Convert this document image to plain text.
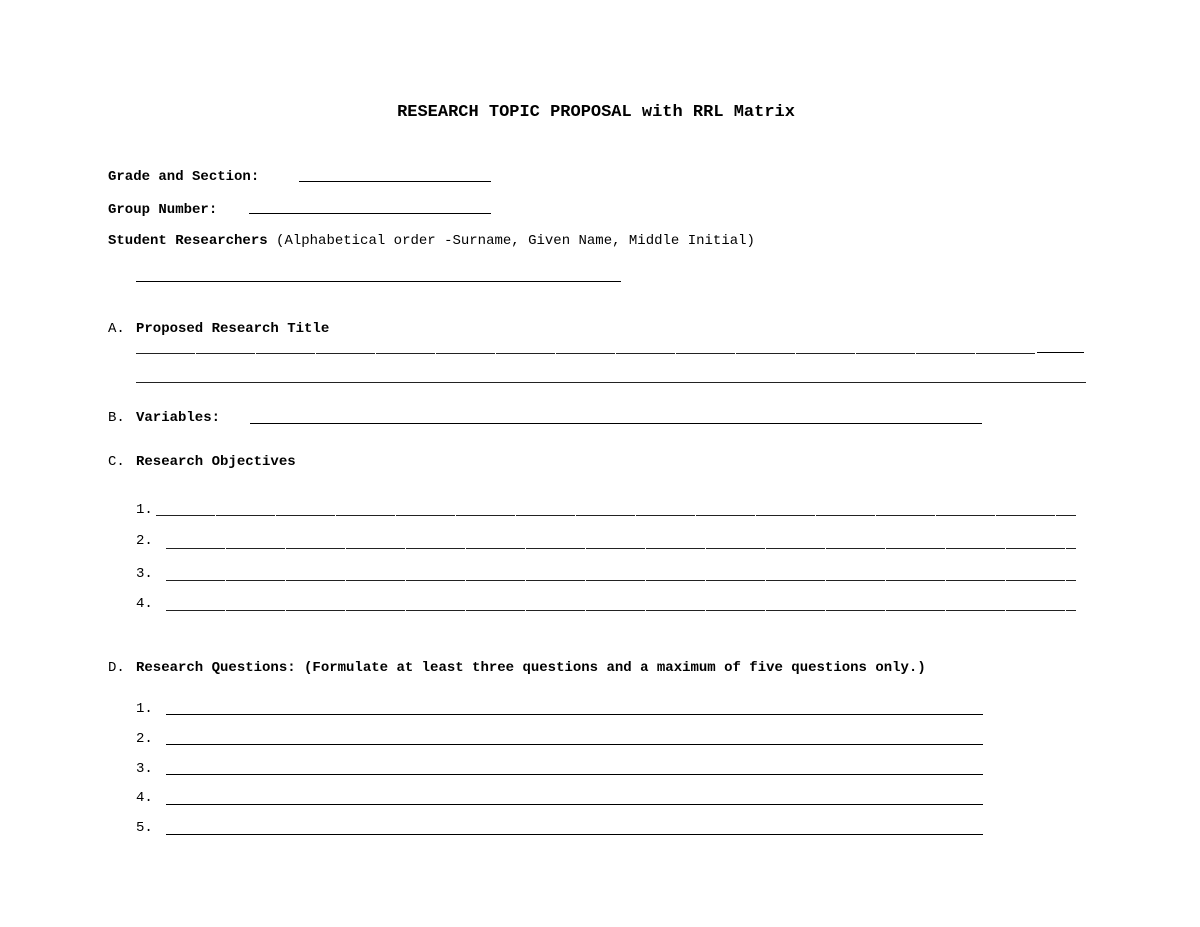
RESEARCH TOPIC PROPOSAL with RRL Matrix
Grade and Section:
Group Number:
Student Researchers (Alphabetical order -Surname, Given Name, Middle Initial)
A. Proposed Research Title
B. Variables:
C. Research Objectives
1.
2.
3.
4.
D. Research Questions: (Formulate at least three questions and a maximum of five questions only.)
1.
2.
3.
4.
5.
